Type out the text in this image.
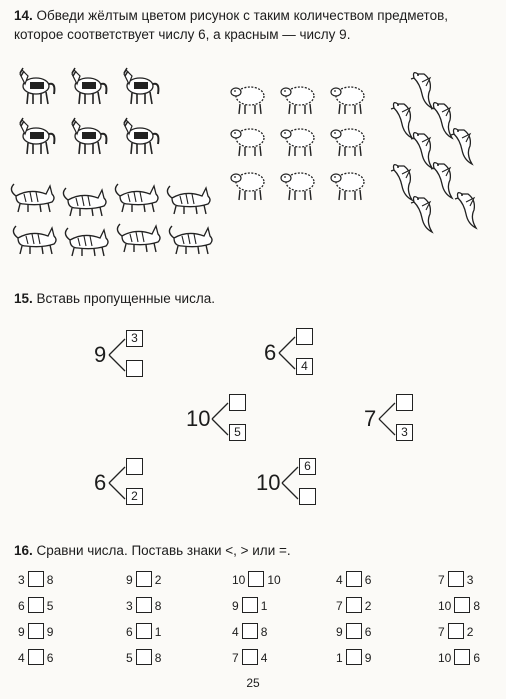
14. Обведи жёлтым цветом рисунок с таким количеством предметов,
которое соответствует числу 6, а красным — числу 9.
15. Вставь пропущенные числа.
9
3
6
4
10
5
7
3
6
2
10
6
16. Сравни числа. Поставь знаки <, > или =.
3 8
6 5
9 9
4 6
9 2
3 8
6 1
5 8
10 10
9 1
4 8
7 4
4 6
7 2
9 6
1 9
7 3
10 8
7 2
10 6
25
